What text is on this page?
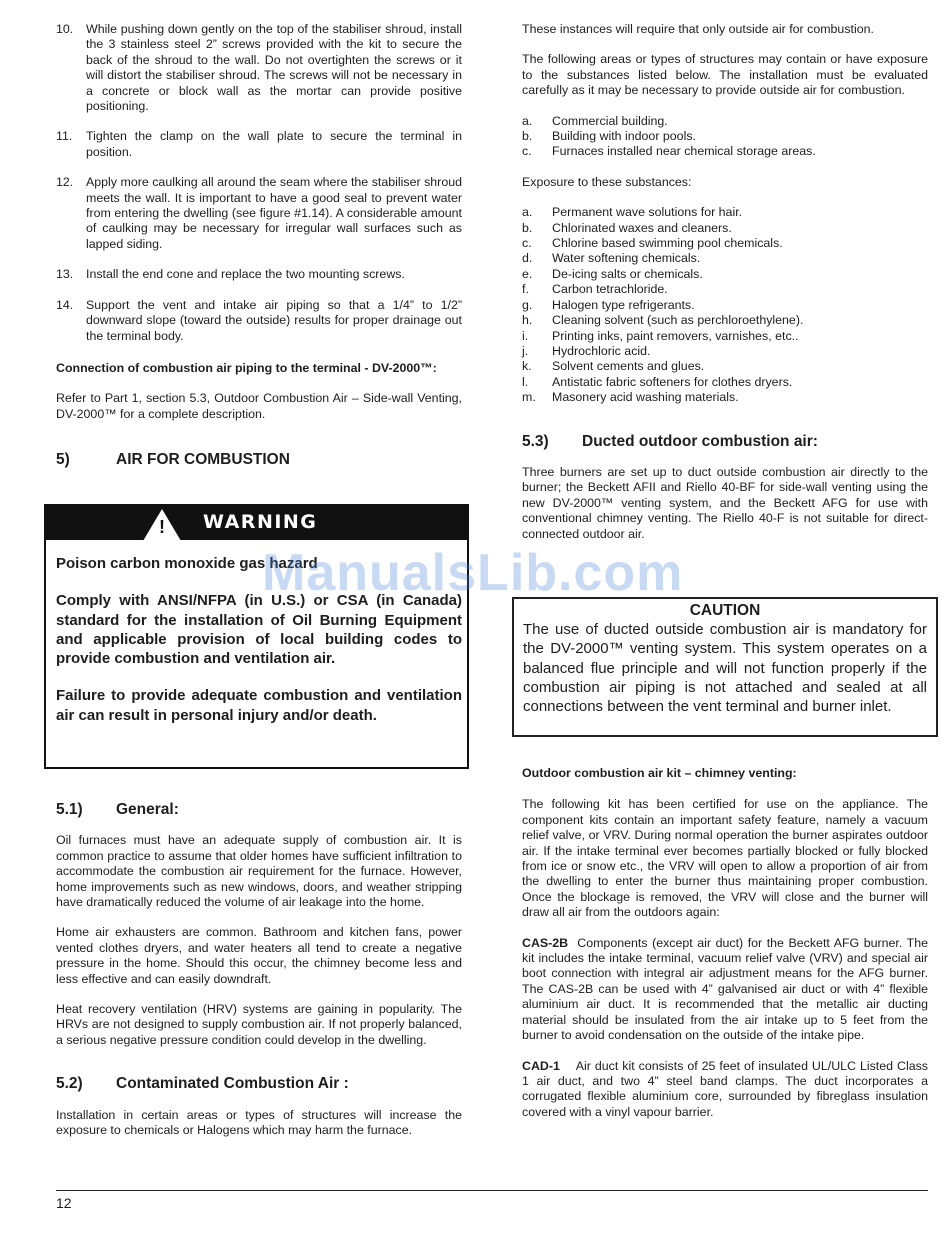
10.	While pushing down gently on the top of the stabiliser shroud, install the 3 stainless steel 2” screws provided with the kit to secure the back of the shroud to the wall. Do not overtighten the screws or it will distort the stabiliser shroud. The screws will not be necessary in a concrete or block wall as the mortar can provide positive positioning.
11.	Tighten the clamp on the wall plate to secure the terminal in position.
12.	Apply more caulking all around the seam where the stabiliser shroud meets the wall. It is important to have a good seal to prevent water from entering the dwelling (see figure #1.14). A considerable amount of caulking may be necessary for irregular wall surfaces such as lapped siding.
13.	Install the end cone and replace the two mounting screws.
14.	Support the vent and intake air piping so that a 1/4” to 1/2” downward slope (toward the outside) results for proper drainage out the terminal body.

Connection of combustion air piping to the terminal - DV-2000™:

Refer to Part 1, section 5.3, Outdoor Combustion Air – Side-wall Venting, DV-2000™ for a complete description.

5)	AIR FOR COMBUSTION
! WARNING

Poison carbon monoxide gas hazard

Comply with ANSI/NFPA (in U.S.) or CSA (in Canada) standard for the installation of Oil Burning Equipment and applicable provision of local building codes to provide combustion and ventilation air.

Failure to provide adequate combustion and ventilation air can result in personal injury and/or death.

5.1)	General:

Oil furnaces must have an adequate supply of combustion air. It is common practice to assume that older homes have sufficient infiltration to accommodate the combustion air requirement for the furnace. However, home improvements such as new windows, doors, and weather stripping have dramatically reduced the volume of air leakage into the home.

Home air exhausters are common. Bathroom and kitchen fans, power vented clothes dryers, and water heaters all tend to create a negative pressure in the home. Should this occur, the chimney become less and less effective and can easily downdraft.

Heat recovery ventilation (HRV) systems are gaining in popularity. The HRVs are not designed to supply combustion air. If not properly balanced, a serious negative pressure condition could develop in the dwelling.

5.2)	Contaminated Combustion Air :

Installation in certain areas or types of structures will increase the exposure to chemicals or Halogens which may harm the furnace.

These instances will require that only outside air for combustion.

The following areas or types of structures may contain or have exposure to the substances listed below. The installation must be evaluated carefully as it may be necessary to provide outside air for combustion.

a.	Commercial building.
b.	Building with indoor pools.
c.	Furnaces installed near chemical storage areas.

Exposure to these substances:

a.	Permanent wave solutions for hair.
b.	Chlorinated waxes and cleaners.
c.	Chlorine based swimming pool chemicals.
d.	Water softening chemicals.
e.	De-icing salts or chemicals.
f.	Carbon tetrachloride.
g.	Halogen type refrigerants.
h.	Cleaning solvent (such as perchloroethylene).
i.	Printing inks, paint removers, varnishes, etc..
j.	Hydrochloric acid.
k.	Solvent cements and glues.
l.	Antistatic fabric softeners for clothes dryers.
m.	Masonery acid washing materials.
5.3)	Ducted outdoor combustion air:

Three burners are set up to duct outside combustion air directly to the burner; the Beckett AFII and Riello 40-BF for side-wall venting using the new DV-2000™ venting system, and the Beckett AFG for use with conventional chimney venting. The Riello 40-F is not suitable for direct-connected outdoor air.

CAUTION
The use of ducted outside combustion air is mandatory for the DV-2000™ venting system. This system operates on a balanced flue principle and will not function properly if the combustion air piping is not attached and sealed at all connections between the vent terminal and burner inlet.

Outdoor combustion air kit – chimney venting:

The following kit has been certified for use on the appliance. The component kits contain an important safety feature, namely a vacuum relief valve, or VRV. During normal operation the burner aspirates outdoor air. If the intake terminal ever becomes partially blocked or fully blocked from ice or snow etc., the VRV will open to allow a proportion of air from the dwelling to enter the burner thus maintaining proper combustion. Once the blockage is removed, the VRV will close and the burner will draw all air from the outdoors again:

CAS-2B Components (except air duct) for the Beckett AFG burner. The kit includes the intake terminal, vacuum relief valve (VRV) and special air boot connection with integral air adjustment means for the AFG burner. The CAS-2B can be used with 4” galvanised air duct or with 4” flexible aluminium air duct. It is recommended that the metallic air ducting material should be insulated from the air intake up to 5 feet from the burner to avoid condensation on the outside of the intake pipe.

CAD-1 Air duct kit consists of 25 feet of insulated UL/ULC Listed Class 1 air duct, and two 4” steel band clamps. The duct incorporates a corrugated flexible aluminium core, surrounded by fibreglass insulation covered with a vinyl vapour barrier.

ManualsLib.com
12
